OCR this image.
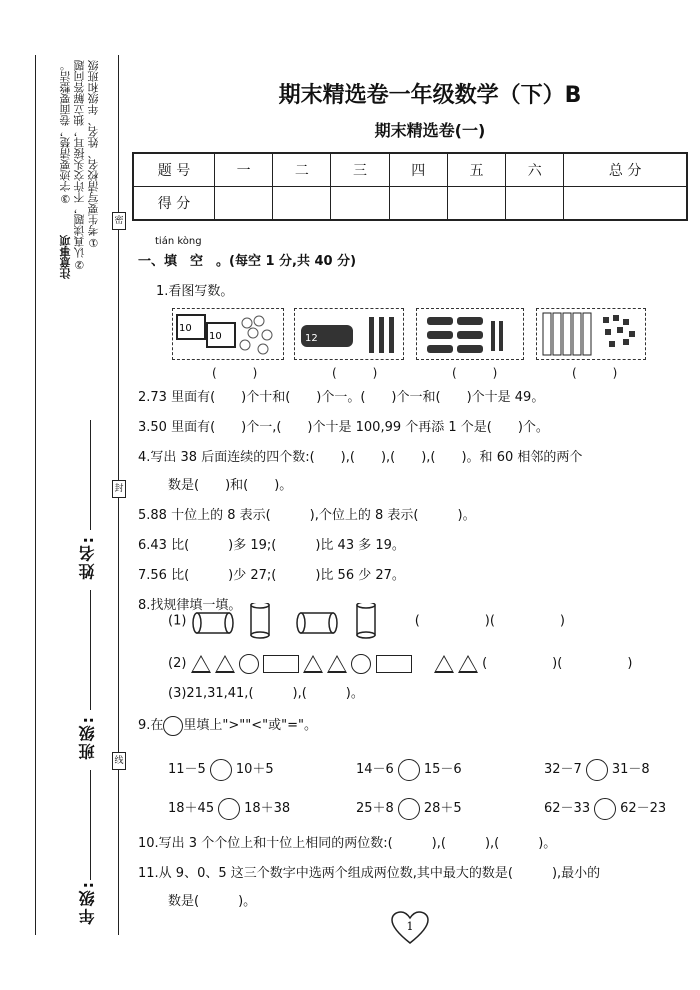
注意事项
①考生要写清校名、姓名、年级和班级
②认真读题，不许交头接耳，独立解答问题
③字迹要清楚，卷面要整洁。
年级:
班级:
姓名:
密
封
线
期末精选卷一年级数学（下）B
期末精选卷(一)
题 号	一	二	三	四	五	六	总 分
得 分							
tián kòng
一、填　空　。(每空 1 分,共 40 分)
1.看图写数。
2.73 里面有(　　)个十和(　　)个一。(　　)个一和(　　)个十是 49。
3.50 里面有(　　)个一,(　　)个十是 100,99 个再添 1 个是(　　)个。
4.写出 38 后面连续的四个数:(　　),(　　),(　　),(　　)。和 60 相邻的两个
数是(　　)和(　　)。
5.88 十位上的 8 表示(　　　),个位上的 8 表示(　　　)。
6.43 比(　　　)多 19;(　　　)比 43 多 19。
7.56 比(　　　)少 27;(　　　)比 56 少 27。
8.找规律填一填。
(3)21,31,41,(　　　),(　　　)。
9.在 里填上">""<"或"="。
10.写出 3 个个位上和十位上相同的两位数:(　　　),(　　　),(　　　)。
11.从 9、0、5 这三个数字中选两个组成两位数,其中最大的数是(　　　),最小的
数是(　　　)。
10
10	12
(　　　)	(　　　)	(　　　)	(　　　)
(1)	(　　　　　)(　　　　　)
(2)	(　　　　　)(　　　　　)
11－5 10＋5	14－6 15－6	32－7 31－8
18＋45 18＋38	25＋8 28＋5	62－33 62－23
1
